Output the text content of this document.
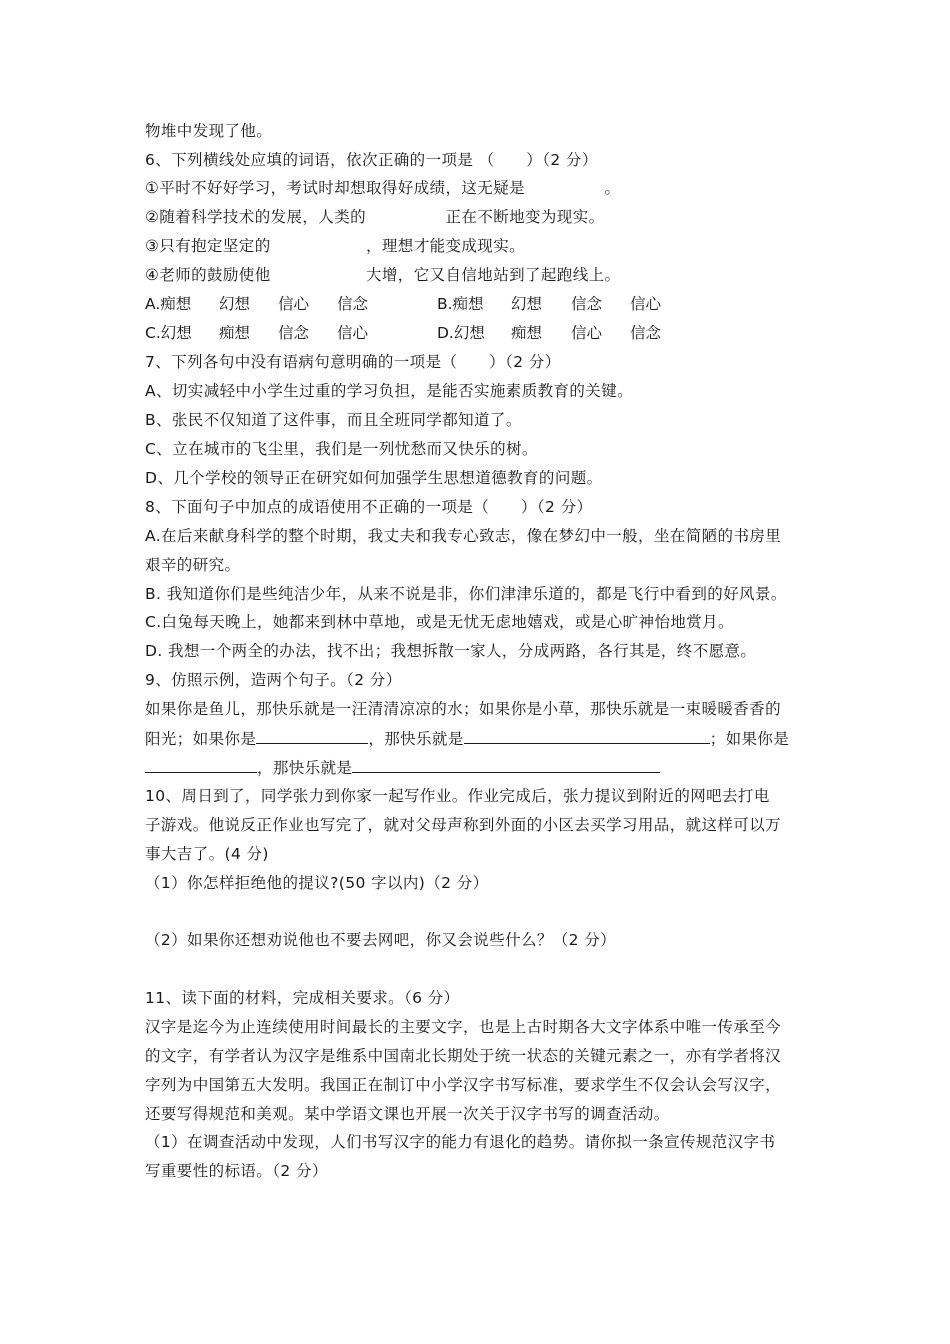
物堆中发现了他。
6、下列横线处应填的词语，依次正确的一项是 （　　）（2 分）
①平时不好好学习，考试时却想取得好成绩，这无疑是　　　　　。
②随着科学技术的发展，人类的　　　　　正在不断地变为现实。
③只有抱定坚定的　　　　　　，理想才能变成现实。
④老师的鼓励使他　　　　　　大增，它又自信地站到了起跑线上。
A.痴想 幻想 信心 信念	B.痴想 幻想 信念 信心
C.幻想 痴想 信念 信心	D.幻想 痴想 信心 信念
7、下列各句中没有语病句意明确的一项是（　　）（2 分）
A、切实减轻中小学生过重的学习负担，是能否实施素质教育的关键。
B、张民不仅知道了这件事，而且全班同学都知道了。
C、立在城市的飞尘里，我们是一列忧愁而又快乐的树。
D、几个学校的领导正在研究如何加强学生思想道德教育的问题。
8、下面句子中加点的成语使用不正确的一项是（　　）（2 分）
A.在后来献身科学的整个时期，我丈夫和我专心致志，像在梦幻中一般，坐在简陋的书房里
艰辛的研究。
B. 我知道你们是些纯洁少年，从来不说是非，你们津津乐道的，都是飞行中看到的好风景。
C.白兔每天晚上，她都来到林中草地，或是无忧无虑地嬉戏，或是心旷神怡地赏月。
D. 我想一个两全的办法，找不出；我想拆散一家人，分成两路，各行其是，终不愿意。
9、仿照示例，造两个句子。（2 分）
如果你是鱼儿，那快乐就是一汪清清凉凉的水；如果你是小草，那快乐就是一束暖暖香香的
阳光；如果你是	，那快乐就是	；如果你是
，那快乐就是
10、周日到了，同学张力到你家一起写作业。作业完成后，张力提议到附近的网吧去打电
子游戏。他说反正作业也写完了，就对父母声称到外面的小区去买学习用品，就这样可以万
事大吉了。(4 分)
（1）你怎样拒绝他的提议?(50 字以内)（2 分）
（2）如果你还想劝说他也不要去网吧，你又会说些什么？（2 分）
11、读下面的材料，完成相关要求。（6 分）
汉字是迄今为止连续使用时间最长的主要文字，也是上古时期各大文字体系中唯一传承至今
的文字，有学者认为汉字是维系中国南北长期处于统一状态的关键元素之一，亦有学者将汉
字列为中国第五大发明。我国正在制订中小学汉字书写标准，要求学生不仅会认会写汉字，
还要写得规范和美观。某中学语文课也开展一次关于汉字书写的调查活动。
（1）在调查活动中发现，人们书写汉字的能力有退化的趋势。请你拟一条宣传规范汉字书
写重要性的标语。（2 分）
